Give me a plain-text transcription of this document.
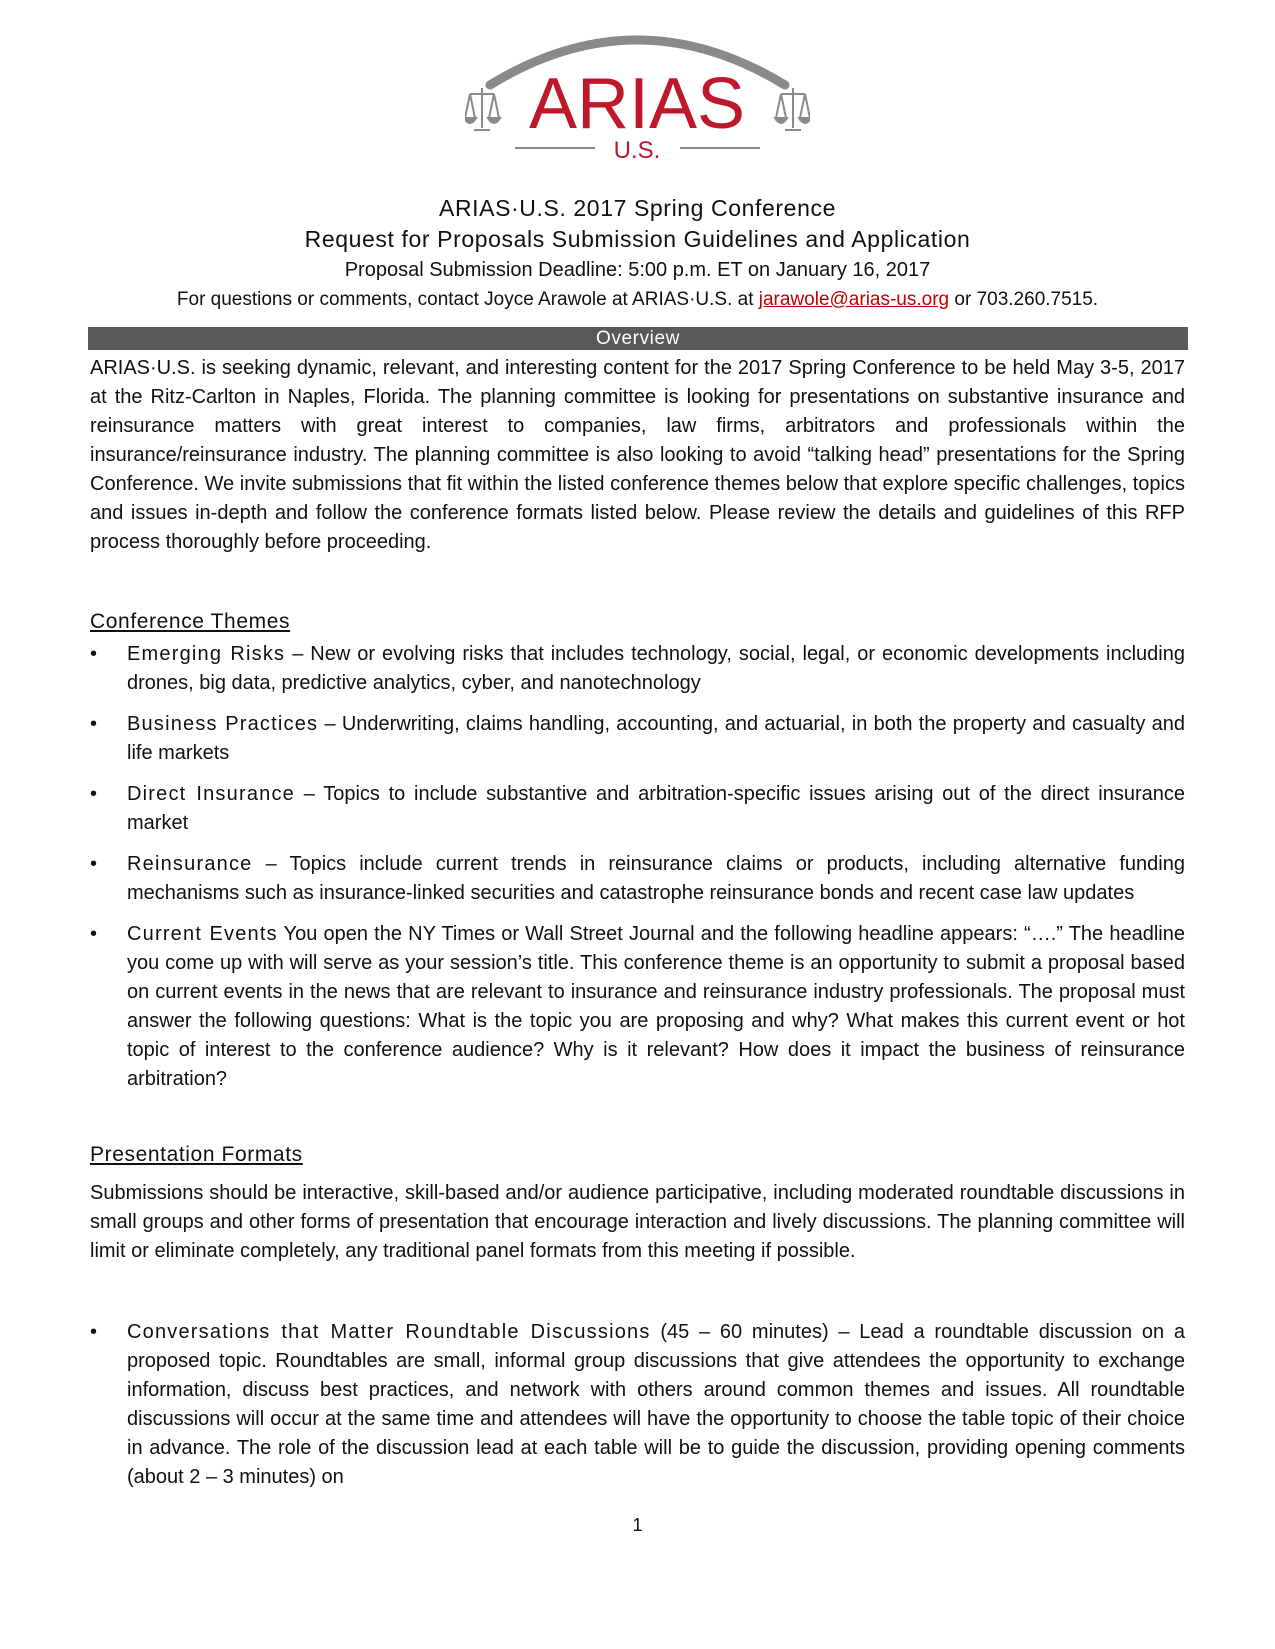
ARIAS
U.S.
ARIAS·U.S. 2017 Spring Conference
Request for Proposals Submission Guidelines and Application
Proposal Submission Deadline: 5:00 p.m. ET on January 16, 2017
For questions or comments, contact Joyce Arawole at ARIAS·U.S. at jarawole@arias-us.org or 703.260.7515.
Overview

ARIAS·U.S. is seeking dynamic, relevant, and interesting content for the 2017 Spring Conference to be held May 3-5, 2017 at the Ritz-Carlton in Naples, Florida. The planning committee is looking for presentations on substantive insurance and reinsurance matters with great interest to companies, law firms, arbitrators and professionals within the insurance/reinsurance industry. The planning committee is also looking to avoid “talking head” presentations for the Spring Conference. We invite submissions that fit within the listed conference themes below that explore specific challenges, topics and issues in-depth and follow the conference formats listed below. Please review the details and guidelines of this RFP process thoroughly before proceeding.

Conference Themes
• Emerging Risks – New or evolving risks that includes technology, social, legal, or economic developments including drones, big data, predictive analytics, cyber, and nanotechnology
• Business Practices – Underwriting, claims handling, accounting, and actuarial, in both the property and casualty and life markets
• Direct Insurance – Topics to include substantive and arbitration-specific issues arising out of the direct insurance market
• Reinsurance – Topics include current trends in reinsurance claims or products, including alternative funding mechanisms such as insurance-linked securities and catastrophe reinsurance bonds and recent case law updates
• Current Events You open the NY Times or Wall Street Journal and the following headline appears: “….” The headline you come up with will serve as your session’s title. This conference theme is an opportunity to submit a proposal based on current events in the news that are relevant to insurance and reinsurance industry professionals. The proposal must answer the following questions: What is the topic you are proposing and why? What makes this current event or hot topic of interest to the conference audience? Why is it relevant? How does it impact the business of reinsurance arbitration?
Presentation Formats

Submissions should be interactive, skill-based and/or audience participative, including moderated roundtable discussions in small groups and other forms of presentation that encourage interaction and lively discussions. The planning committee will limit or eliminate completely, any traditional panel formats from this meeting if possible.

• Conversations that Matter Roundtable Discussions (45 – 60 minutes) – Lead a roundtable discussion on a proposed topic. Roundtables are small, informal group discussions that give attendees the opportunity to exchange information, discuss best practices, and network with others around common themes and issues. All roundtable discussions will occur at the same time and attendees will have the opportunity to choose the table topic of their choice in advance. The role of the discussion lead at each table will be to guide the discussion, providing opening comments (about 2 – 3 minutes) on
1
